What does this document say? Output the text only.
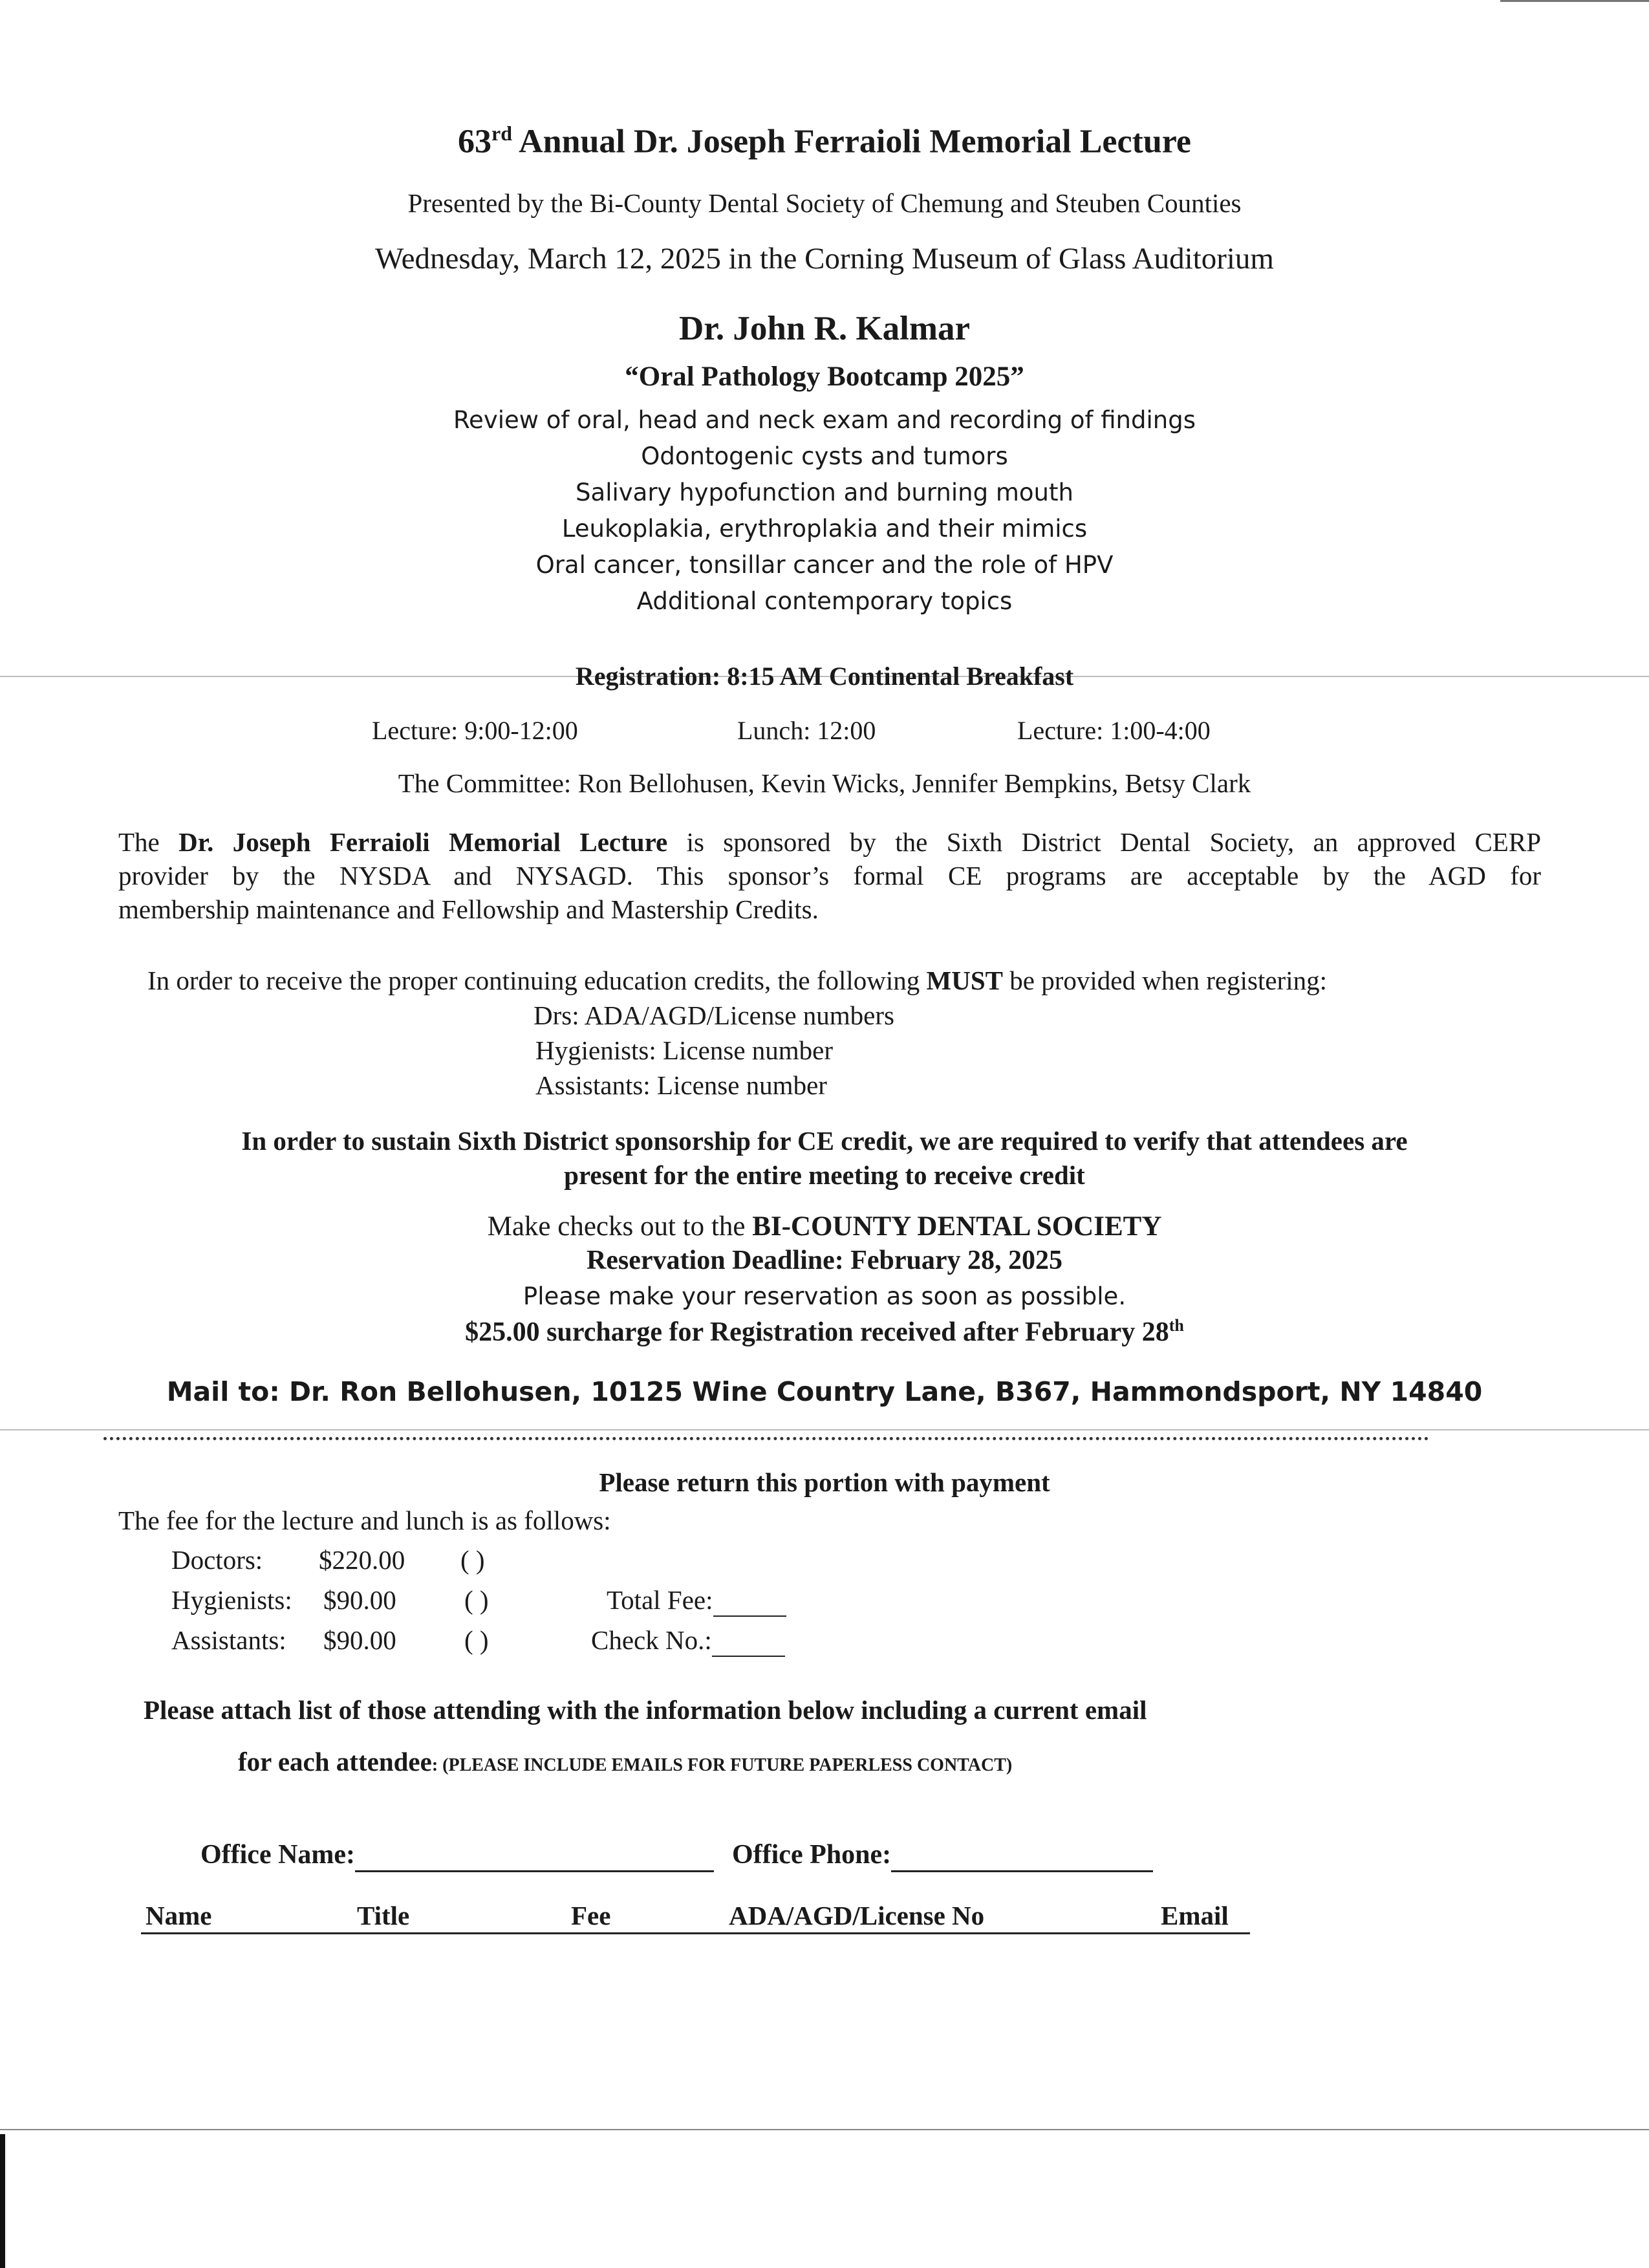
63rd Annual Dr. Joseph Ferraioli Memorial Lecture
Presented by the Bi-County Dental Society of Chemung and Steuben Counties
Wednesday, March 12, 2025 in the Corning Museum of Glass Auditorium
Dr. John R. Kalmar
“Oral Pathology Bootcamp 2025”
Review of oral, head and neck exam and recording of findings
Odontogenic cysts and tumors
Salivary hypofunction and burning mouth
Leukoplakia, erythroplakia and their mimics
Oral cancer, tonsillar cancer and the role of HPV
Additional contemporary topics
Registration: 8:15 AM Continental Breakfast
Lecture: 9:00-12:00	Lunch: 12:00	Lecture: 1:00-4:00
The Committee: Ron Bellohusen, Kevin Wicks, Jennifer Bempkins, Betsy Clark
The Dr. Joseph Ferraioli Memorial Lecture is sponsored by the Sixth District Dental Society, an approved CERP
provider by the NYSDA and NYSAGD. This sponsor’s formal CE programs are acceptable by the AGD for
membership maintenance and Fellowship and Mastership Credits.
In order to receive the proper continuing education credits, the following MUST be provided when registering:
Drs: ADA/AGD/License numbers
Hygienists: License number
Assistants: License number
In order to sustain Sixth District sponsorship for CE credit, we are required to verify that attendees are
present for the entire meeting to receive credit
Make checks out to the BI-COUNTY DENTAL SOCIETY
Reservation Deadline: February 28, 2025
Please make your reservation as soon as possible.
$25.00 surcharge for Registration received after February 28th
Mail to: Dr. Ron Bellohusen, 10125 Wine Country Lane, B367, Hammondsport, NY 14840
Please return this portion with payment
The fee for the lecture and lunch is as follows:
Doctors: $220.00 ( )
Hygienists: $90.00	( )	Total Fee:
Assistants: $90.00	( )	Check No.:
Please attach list of those attending with the information below including a current email
for each attendee: (PLEASE INCLUDE EMAILS FOR FUTURE PAPERLESS CONTACT)
Office Name:	Office Phone:
Name	Title	Fee	ADA/AGD/License No	Email
